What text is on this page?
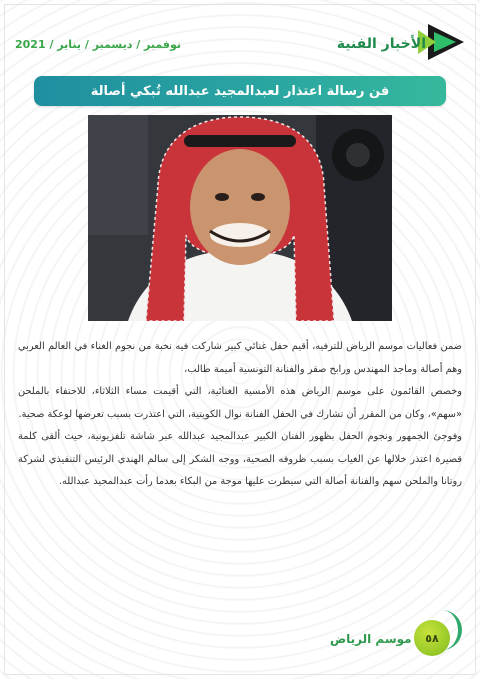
نوفمبر / ديسمبر / يناير / 2021	الأخبار الفنية
فن رسالة اعتذار لعبدالمجيد عبدالله تُبكي أصالة

ضمن فعاليات موسم الرياض للترفيه، أقيم حفل غنائي كبير شاركت فيه نخبة من نجوم الغناء في العالم العربي وهم أصالة وماجد المهندس ورابح صقر والفنانة التونسية أميمة طالب،

وخصص القائمون على موسم الرياض هذه الأمسية الغنائية، التي أقيمت مساء الثلاثاء، للاحتفاء بالملحن «سهم»، وكان من المقرر أن تشارك في الحفل الفنانة نوال الكويتية، التي اعتذرت بسبب تعرضها لوعكة صحية.

وفوجئ الجمهور ونجوم الحفل بظهور الفنان الكبير عبدالمجيد عبدالله عبر شاشة تلفزيونية، حيث ألقى كلمة قصيرة اعتذر خلالها عن الغياب بسبب ظروفه الصحية، ووجه الشكر إلى سالم الهندي الرئيس التنفيذي لشركة روتانا والملحن سهم والفنانة أصالة التي سيطرت عليها موجة من البكاء بعدما رأت عبدالمجيد عبدالله.

موسم الرياض	٥٨
